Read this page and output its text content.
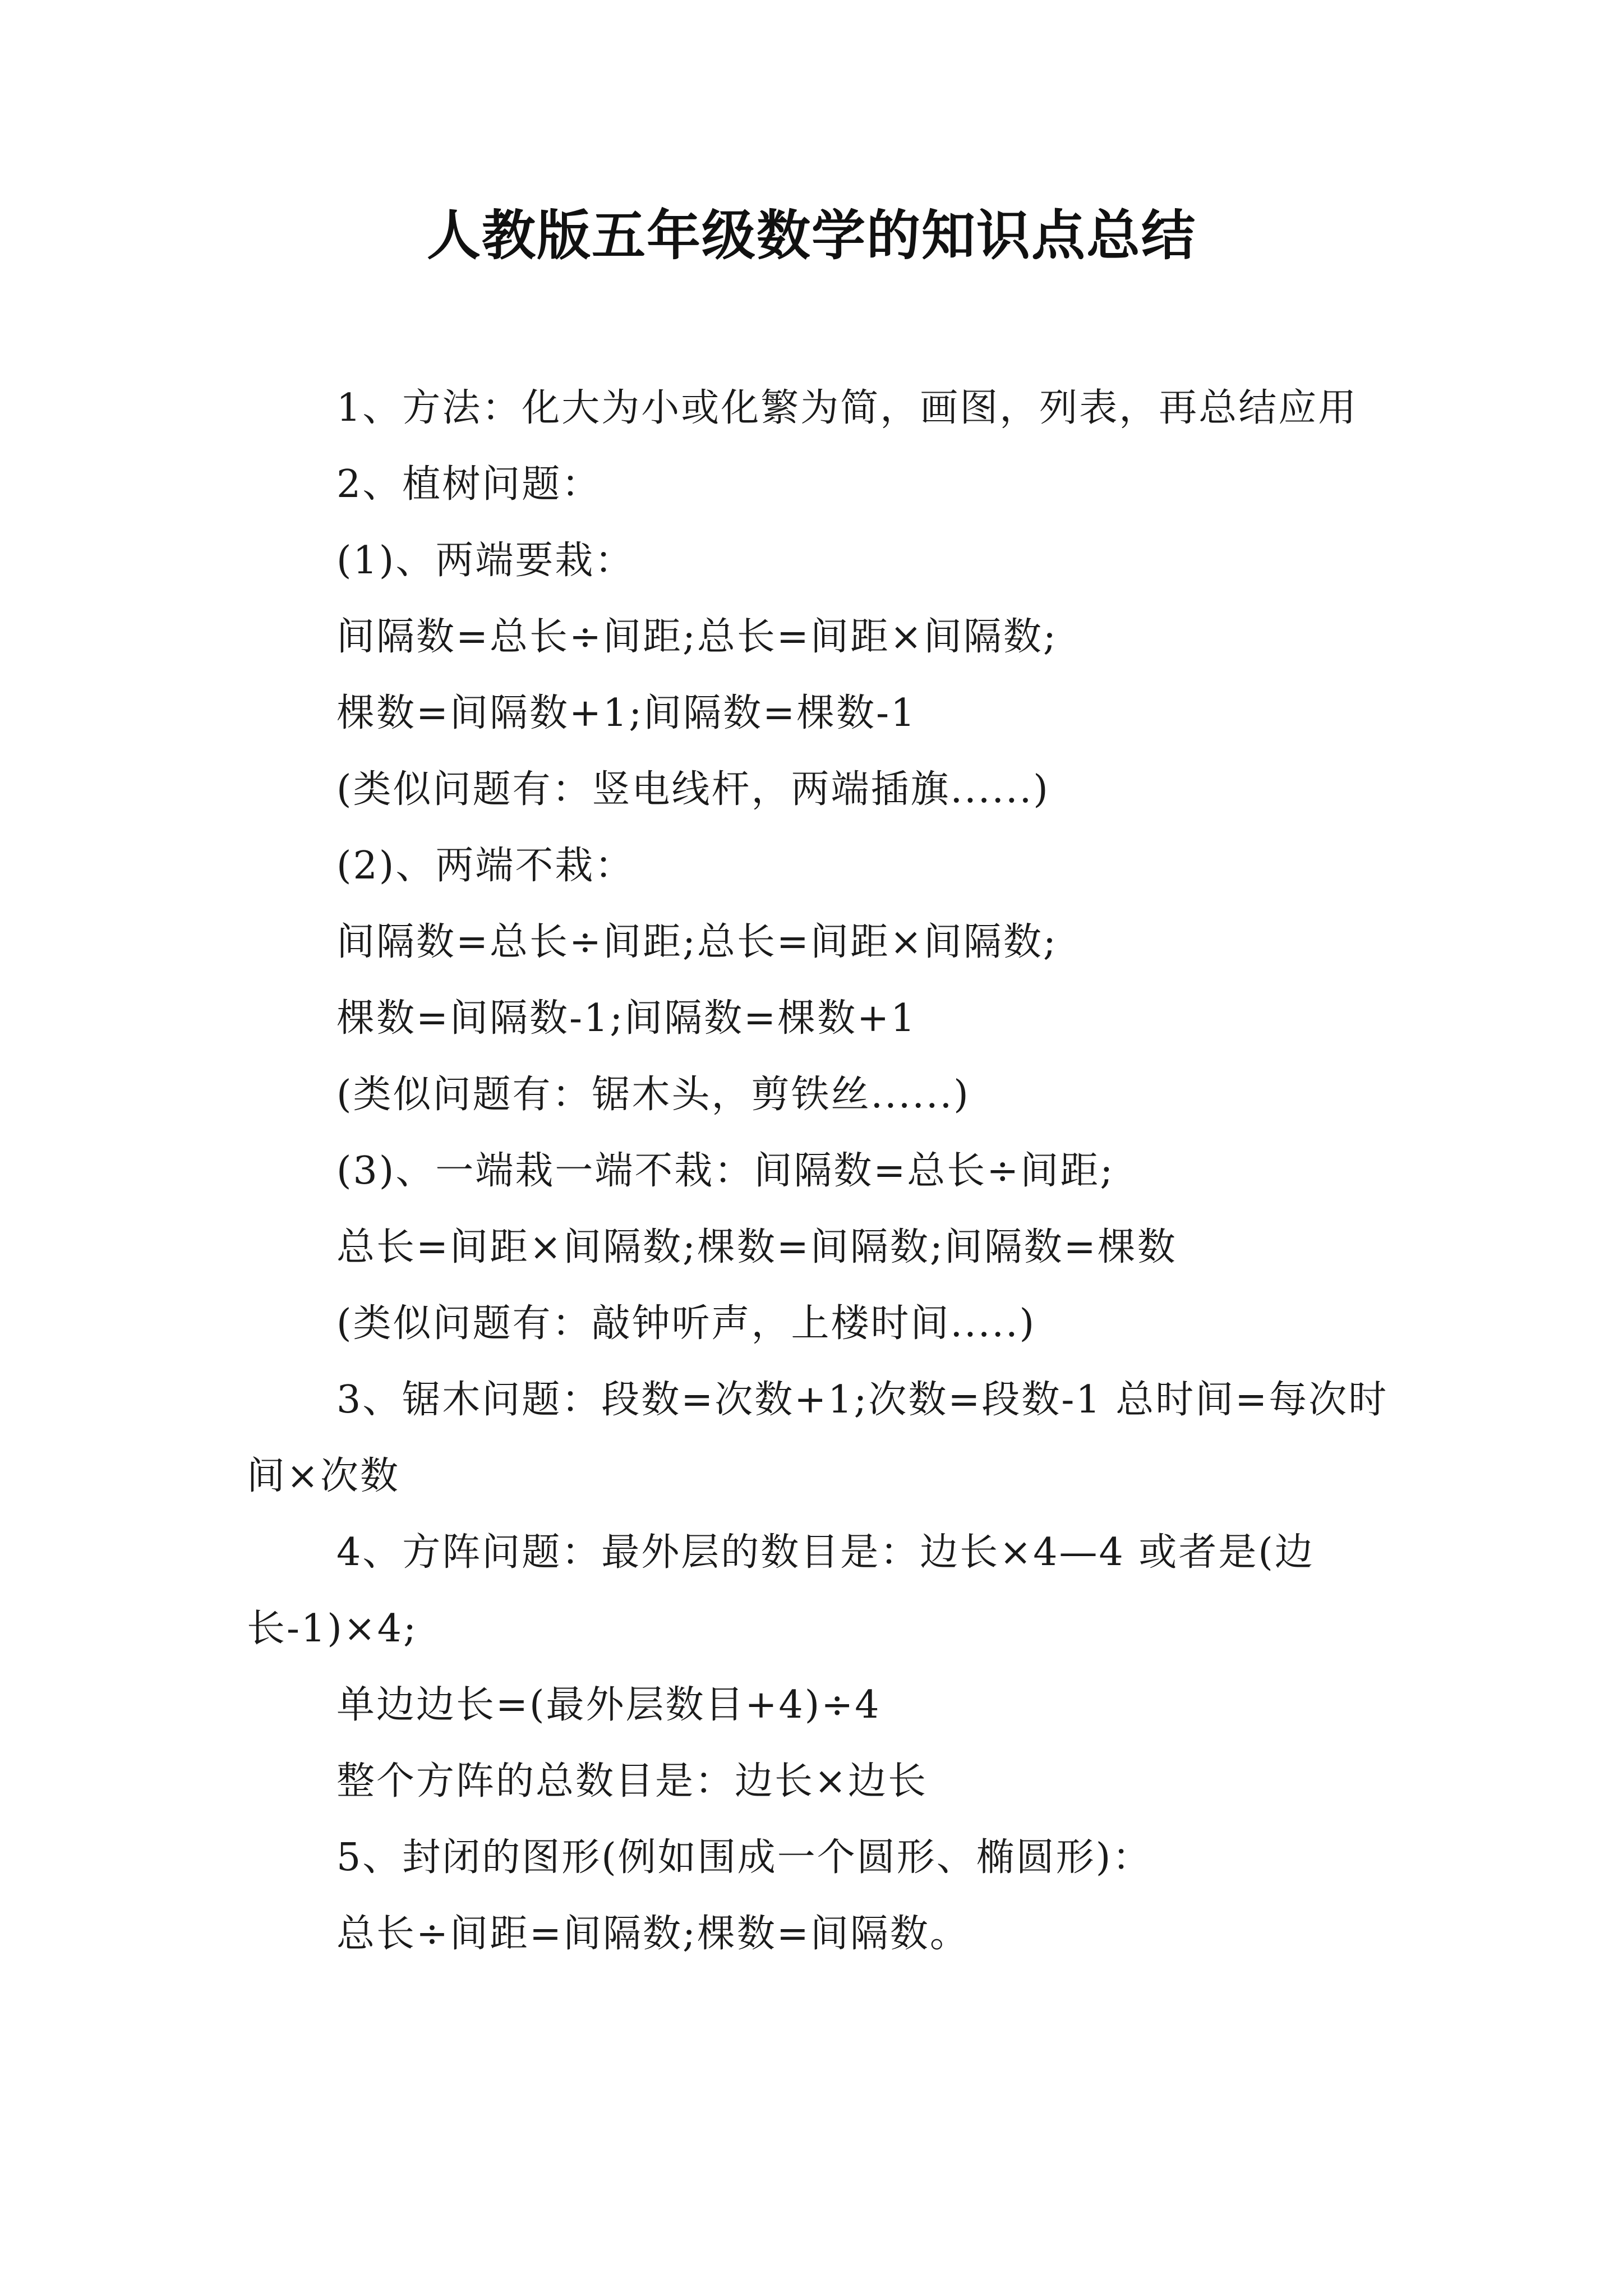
人教版五年级数学的知识点总结

1、方法：化大为小或化繁为简，画图，列表，再总结应用

2、植树问题：

(1)、两端要栽：

间隔数=总长÷间距;总长=间距×间隔数;

棵数=间隔数+1;间隔数=棵数-1

(类似问题有：竖电线杆，两端插旗......)

(2)、两端不栽：

间隔数=总长÷间距;总长=间距×间隔数;

棵数=间隔数-1;间隔数=棵数+1

(类似问题有：锯木头，剪铁丝......)

(3)、一端栽一端不栽：间隔数=总长÷间距;

总长=间距×间隔数;棵数=间隔数;间隔数=棵数

(类似问题有：敲钟听声，上楼时间.....)

3、锯木问题：段数=次数+1;次数=段数-1 总时间=每次时间×次数

4、方阵问题：最外层的数目是：边长×4—4 或者是(边长-1)×4;

单边边长=(最外层数目+4)÷4

整个方阵的总数目是：边长×边长

5、封闭的图形(例如围成一个圆形、椭圆形)：

总长÷间距=间隔数;棵数=间隔数。
